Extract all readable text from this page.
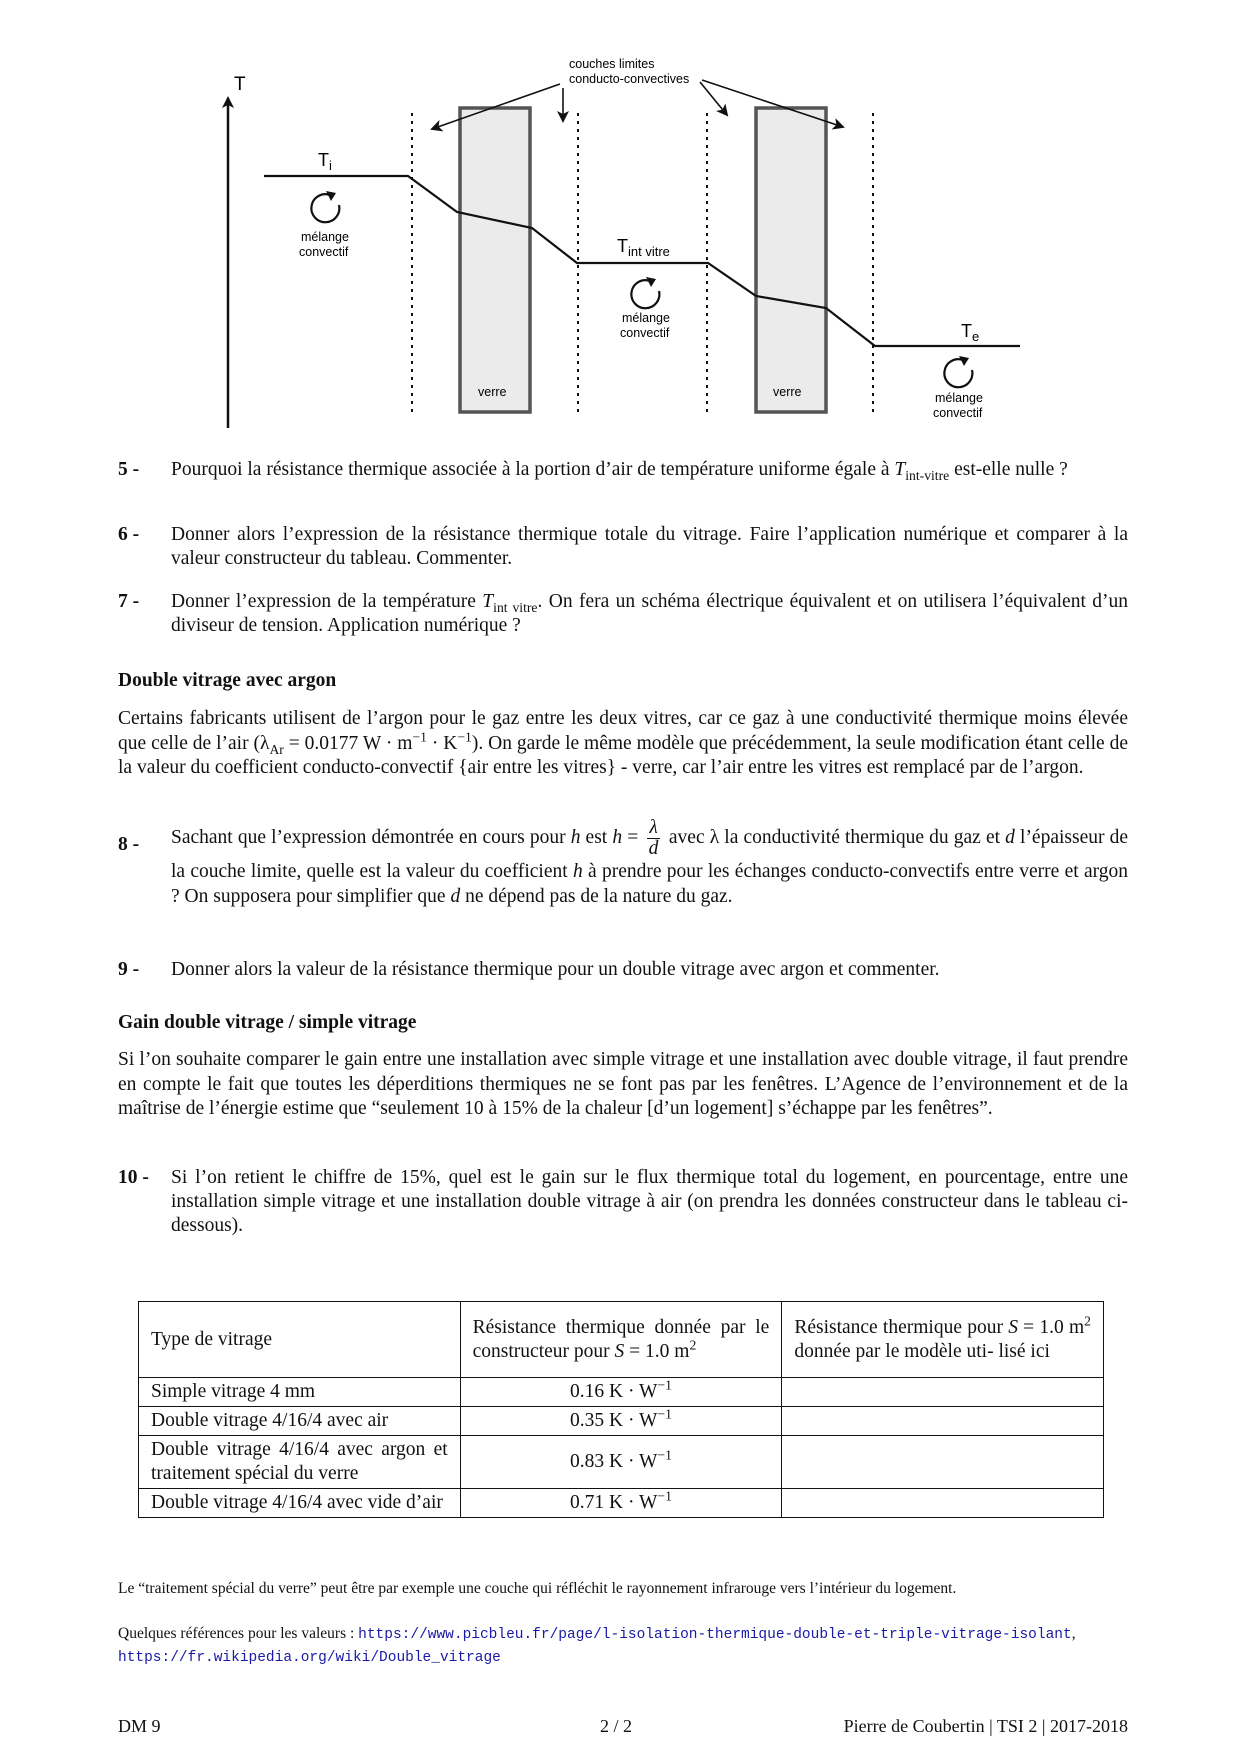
T
verre	verre
$T_i$
$T_{int vitre}$
$T_e$
mélange
convectif
mélange
convectif
mélange
convectif
couches limites
conducto-convectives
5 - Pourquoi la résistance thermique associée à la portion d’air de température uniforme égale à $T_{int-vitre}$ est-elle nulle ?
6 - Donner alors l’expression de la résistance thermique totale du vitrage. Faire l’application numérique et comparer à la valeur constructeur du tableau. Commenter.
7 - Donner l’expression de la température $T_{int vitre}$. On fera un schéma électrique équivalent et on utilisera l’équivalent d’un diviseur de tension. Application numérique ?
Double vitrage avec argon

Certains fabricants utilisent de l’argon pour le gaz entre les deux vitres, car ce gaz à une conductivité thermique moins élevée que celle de l’air ($\lambda_{Ar} = 0.0177$ $W \cdot m^{-1} \cdot K^{-1}$). On garde le même modèle que précédemment, la seule modification étant celle de la valeur du coefficient conducto-convectif {air entre les vitres} - verre, car l’air entre les vitres est remplacé par de l’argon.

8 - Sachant que l’expression démontrée en cours pour h est $h = \frac{\lambda}{d}$ avec λ la conductivité thermique du gaz et d l’épaisseur de la couche limite, quelle est la valeur du coefficient h à prendre pour les échanges conducto-convectifs entre verre et argon ? On supposera pour simplifier que d ne dépend pas de la nature du gaz.
9 - Donner alors la valeur de la résistance thermique pour un double vitrage avec argon et commenter.
Gain double vitrage / simple vitrage

Si l’on souhaite comparer le gain entre une installation avec simple vitrage et une installation avec double vitrage, il faut prendre en compte le fait que toutes les déperditions thermiques ne se font pas par les fenêtres. L’Agence de l’environnement et de la maîtrise de l’énergie estime que “seulement 10 à 15% de la chaleur [d’un logement] s’échappe par les fenêtres”.

10 - Si l’on retient le chiffre de 15%, quel est le gain sur le flux thermique total du logement, en pourcentage, entre une installation simple vitrage et une installation double vitrage à air (on prendra les données constructeur dans le tableau ci-dessous).
Type de vitrage	Résistance thermique donnée par le constructeur pour S = 1.0 $m^2$	Résistance thermique pour S = 1.0 $m^2$ donnée par le modèle uti- lisé ici
Simple vitrage 4 mm	0.16 $K \cdot W^{-1}$	
Double vitrage 4/16/4 avec air	0.35 $K \cdot W^{-1}$	
Double vitrage 4/16/4 avec argon et traitement spécial du verre	0.83 $K \cdot W^{-1}$	
Double vitrage 4/16/4 avec vide d’air	0.71 $K \cdot W^{-1}$	

Le “traitement spécial du verre” peut être par exemple une couche qui réfléchit le rayonnement infrarouge vers l’intérieur du logement.

Quelques références pour les valeurs : https://www.picbleu.fr/page/l-isolation-thermique-double-et-triple-vitrage-isolant,
https://fr.wikipedia.org/wiki/Double_vitrage

DM 9	2 / 2	Pierre de Coubertin | TSI 2 | 2017-2018
